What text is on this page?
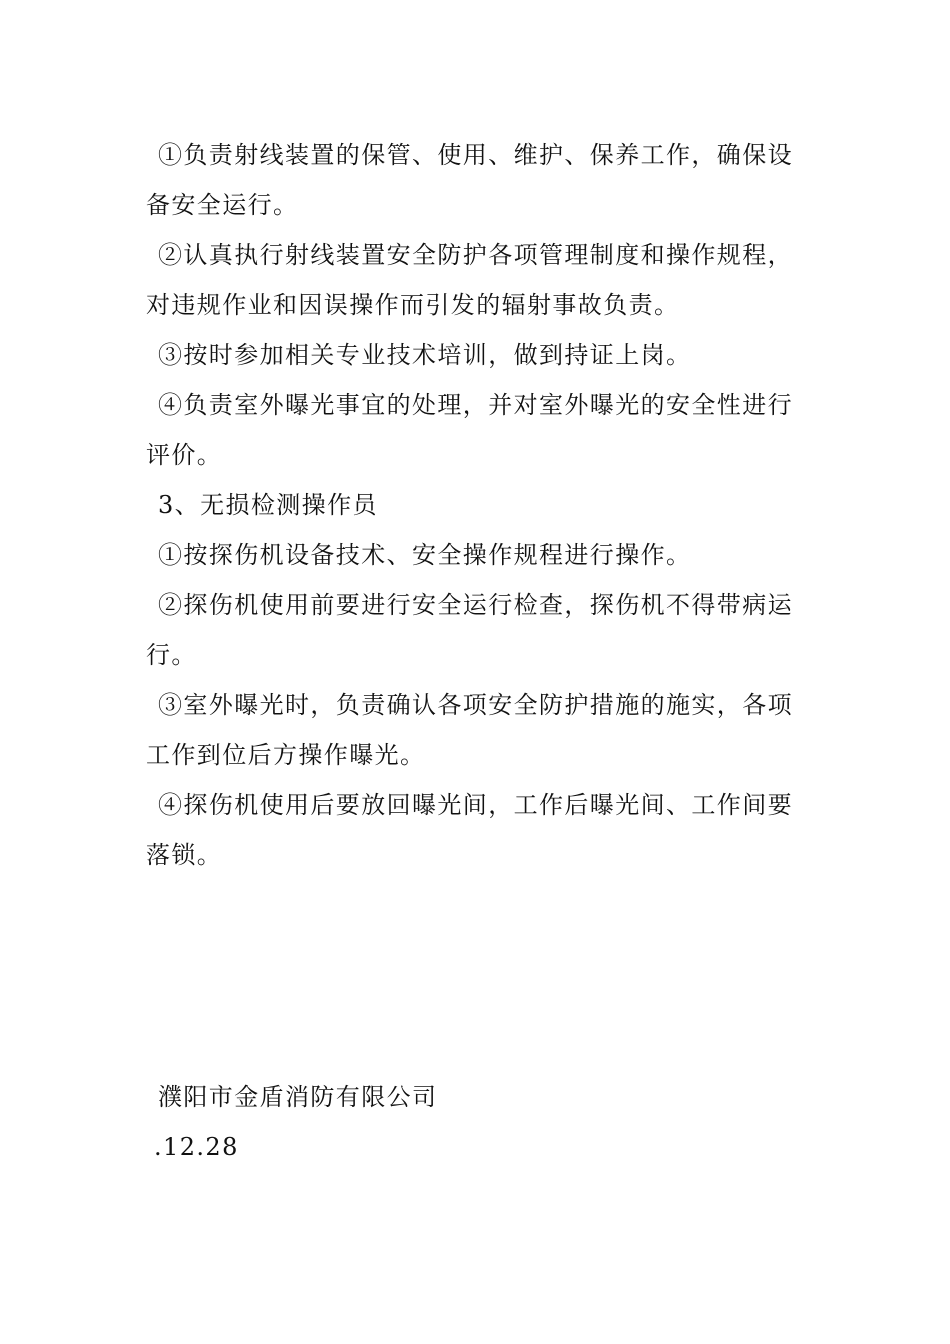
①负责射线装置的保管、使用、维护、保养工作，确保设备安全运行。

②认真执行射线装置安全防护各项管理制度和操作规程，对违规作业和因误操作而引发的辐射事故负责。

③按时参加相关专业技术培训，做到持证上岗。

④负责室外曝光事宜的处理，并对室外曝光的安全性进行评价。

3、无损检测操作员

①按探伤机设备技术、安全操作规程进行操作。

②探伤机使用前要进行安全运行检查，探伤机不得带病运行。

③室外曝光时，负责确认各项安全防护措施的施实，各项工作到位后方操作曝光。

④探伤机使用后要放回曝光间，工作后曝光间、工作间要落锁。

濮阳市金盾消防有限公司

.12.28
